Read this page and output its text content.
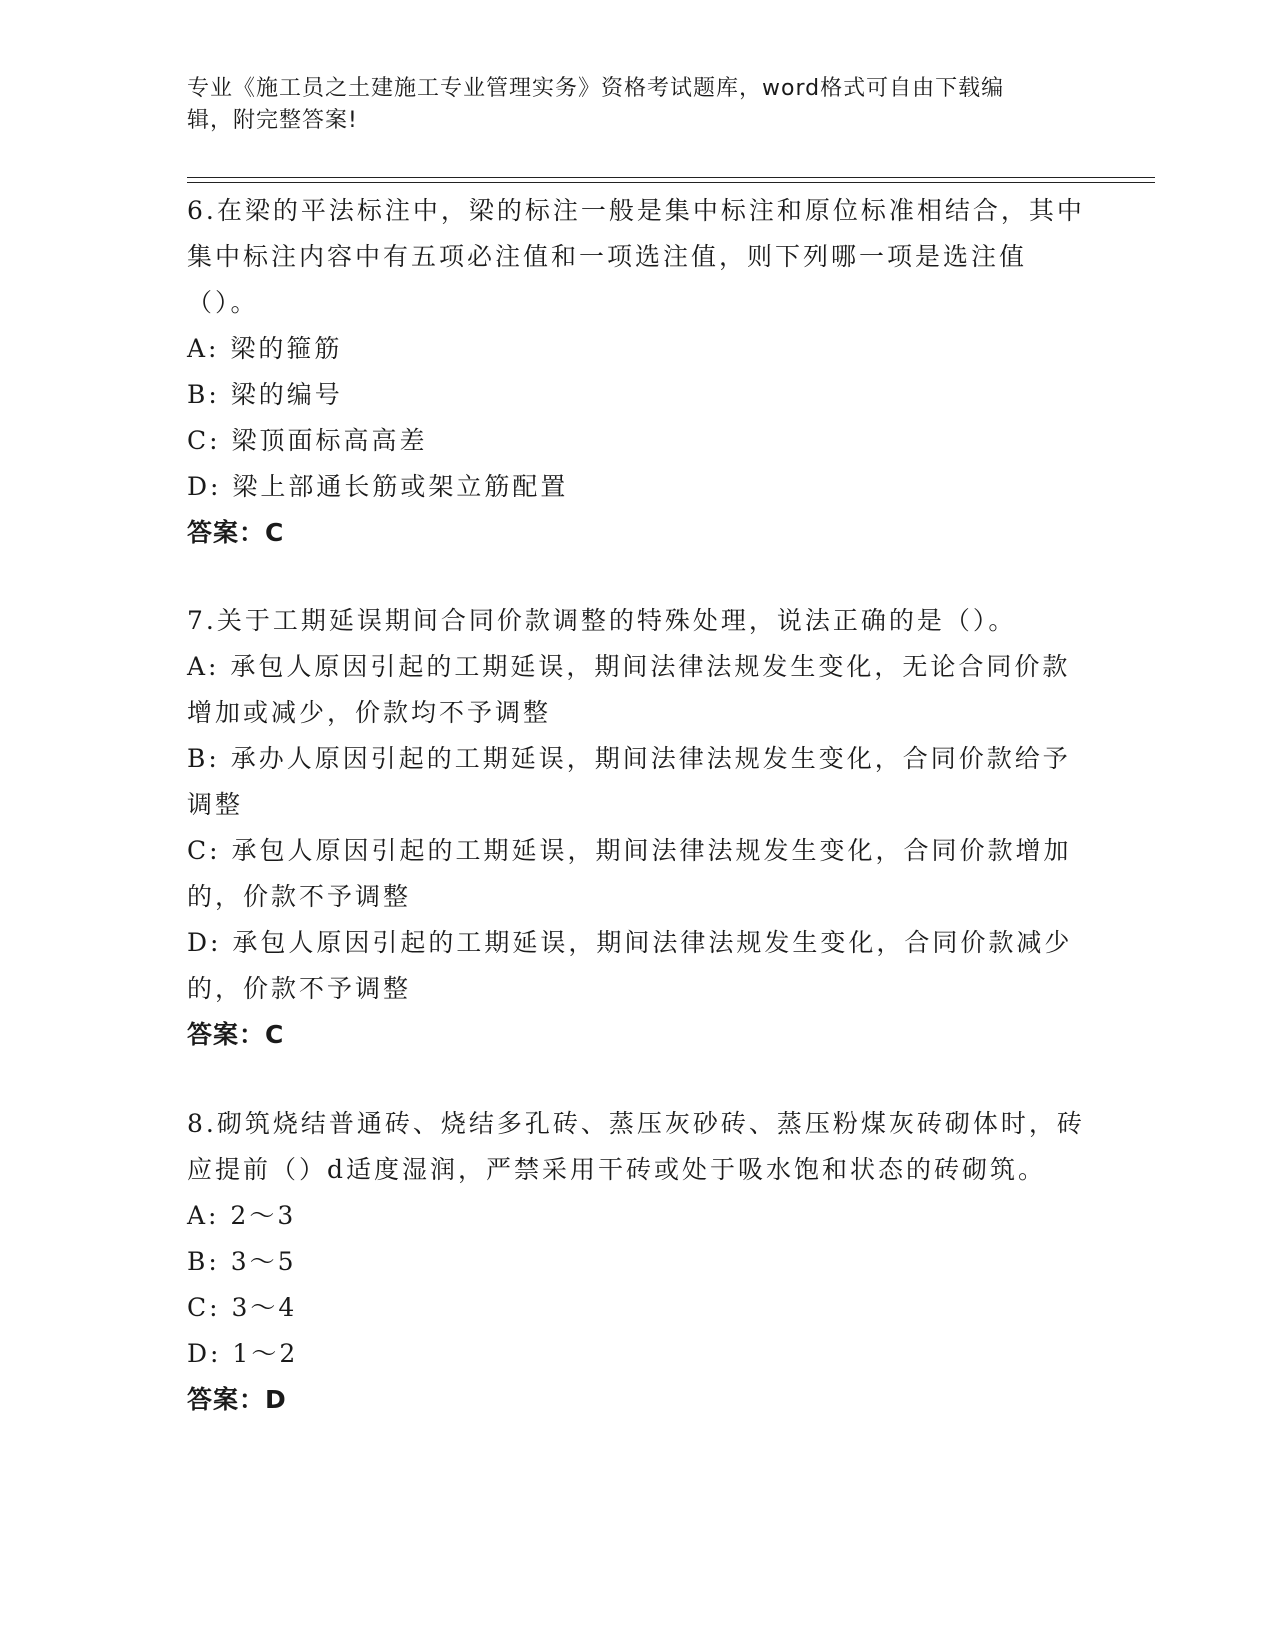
专业《施工员之土建施工专业管理实务》资格考试题库，word格式可自由下载编
辑，附完整答案!

6.在梁的平法标注中，梁的标注一般是集中标注和原位标准相结合，其中集中标注内容中有五项必注值和一项选注值，则下列哪一项是选注值（）。

A: 梁的箍筋

B: 梁的编号

C: 梁顶面标高高差

D: 梁上部通长筋或架立筋配置

答案：C

7.关于工期延误期间合同价款调整的特殊处理，说法正确的是（）。

A: 承包人原因引起的工期延误，期间法律法规发生变化，无论合同价款增加或减少，价款均不予调整

B: 承办人原因引起的工期延误，期间法律法规发生变化，合同价款给予调整

C: 承包人原因引起的工期延误，期间法律法规发生变化，合同价款增加的，价款不予调整

D: 承包人原因引起的工期延误，期间法律法规发生变化，合同价款减少的，价款不予调整

答案：C

8.砌筑烧结普通砖、烧结多孔砖、蒸压灰砂砖、蒸压粉煤灰砖砌体时，砖应提前（）d适度湿润，严禁采用干砖或处于吸水饱和状态的砖砌筑。

A: 2～3

B: 3～5

C: 3～4

D: 1～2

答案：D
